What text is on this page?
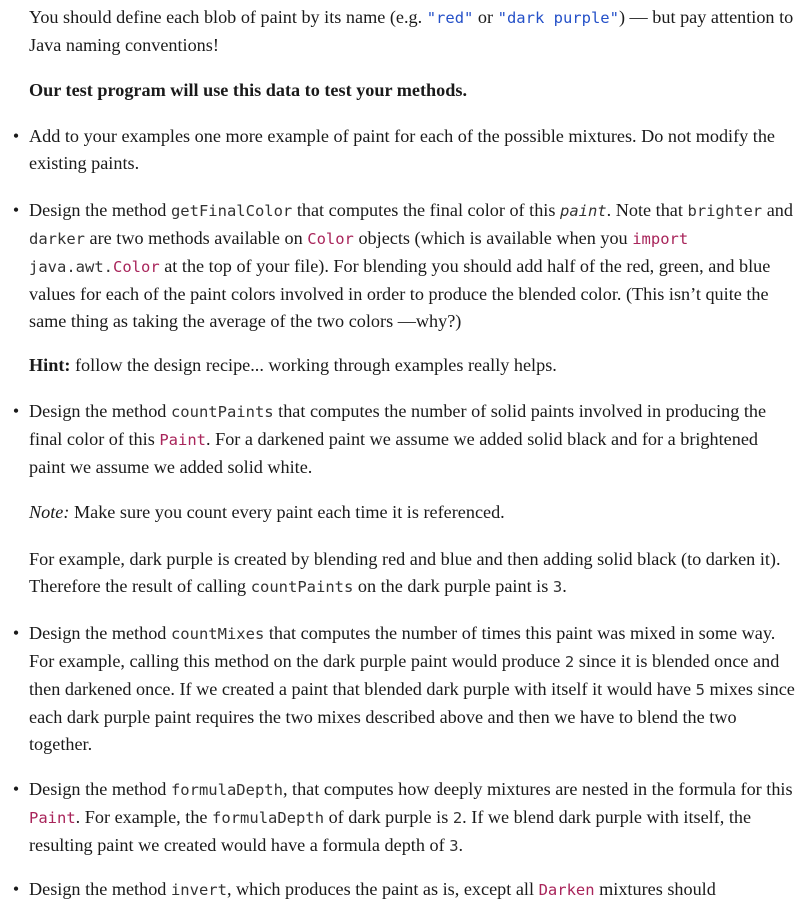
You should define each blob of paint by its name (e.g. "red" or "dark purple") — but pay attention to Java naming conventions!

Our test program will use this data to test your methods.

• Add to your examples one more example of paint for each of the possible mixtures. Do not modify the existing paints.

• Design the method getFinalColor that computes the final color of this paint. Note that brighter and darker are two methods available on Color objects (which is available when you import java.awt.Color at the top of your file). For blending you should add half of the red, green, and blue values for each of the paint colors involved in order to produce the blended color. (This isn’t quite the same thing as taking the average of the two colors —why?)

Hint: follow the design recipe... working through examples really helps.

• Design the method countPaints that computes the number of solid paints involved in producing the final color of this Paint. For a darkened paint we assume we added solid black and for a brightened paint we assume we added solid white.

Note: Make sure you count every paint each time it is referenced.

For example, dark purple is created by blending red and blue and then adding solid black (to darken it). Therefore the result of calling countPaints on the dark purple paint is 3.

• Design the method countMixes that computes the number of times this paint was mixed in some way. For example, calling this method on the dark purple paint would produce 2 since it is blended once and then darkened once. If we created a paint that blended dark purple with itself it would have 5 mixes since each dark purple paint requires the two mixes described above and then we have to blend the two together.

• Design the method formulaDepth, that computes how deeply mixtures are nested in the formula for this Paint. For example, the formulaDepth of dark purple is 2. If we blend dark purple with itself, the resulting paint we created would have a formula depth of 3.

• Design the method invert, which produces the paint as is, except all Darken mixtures should
